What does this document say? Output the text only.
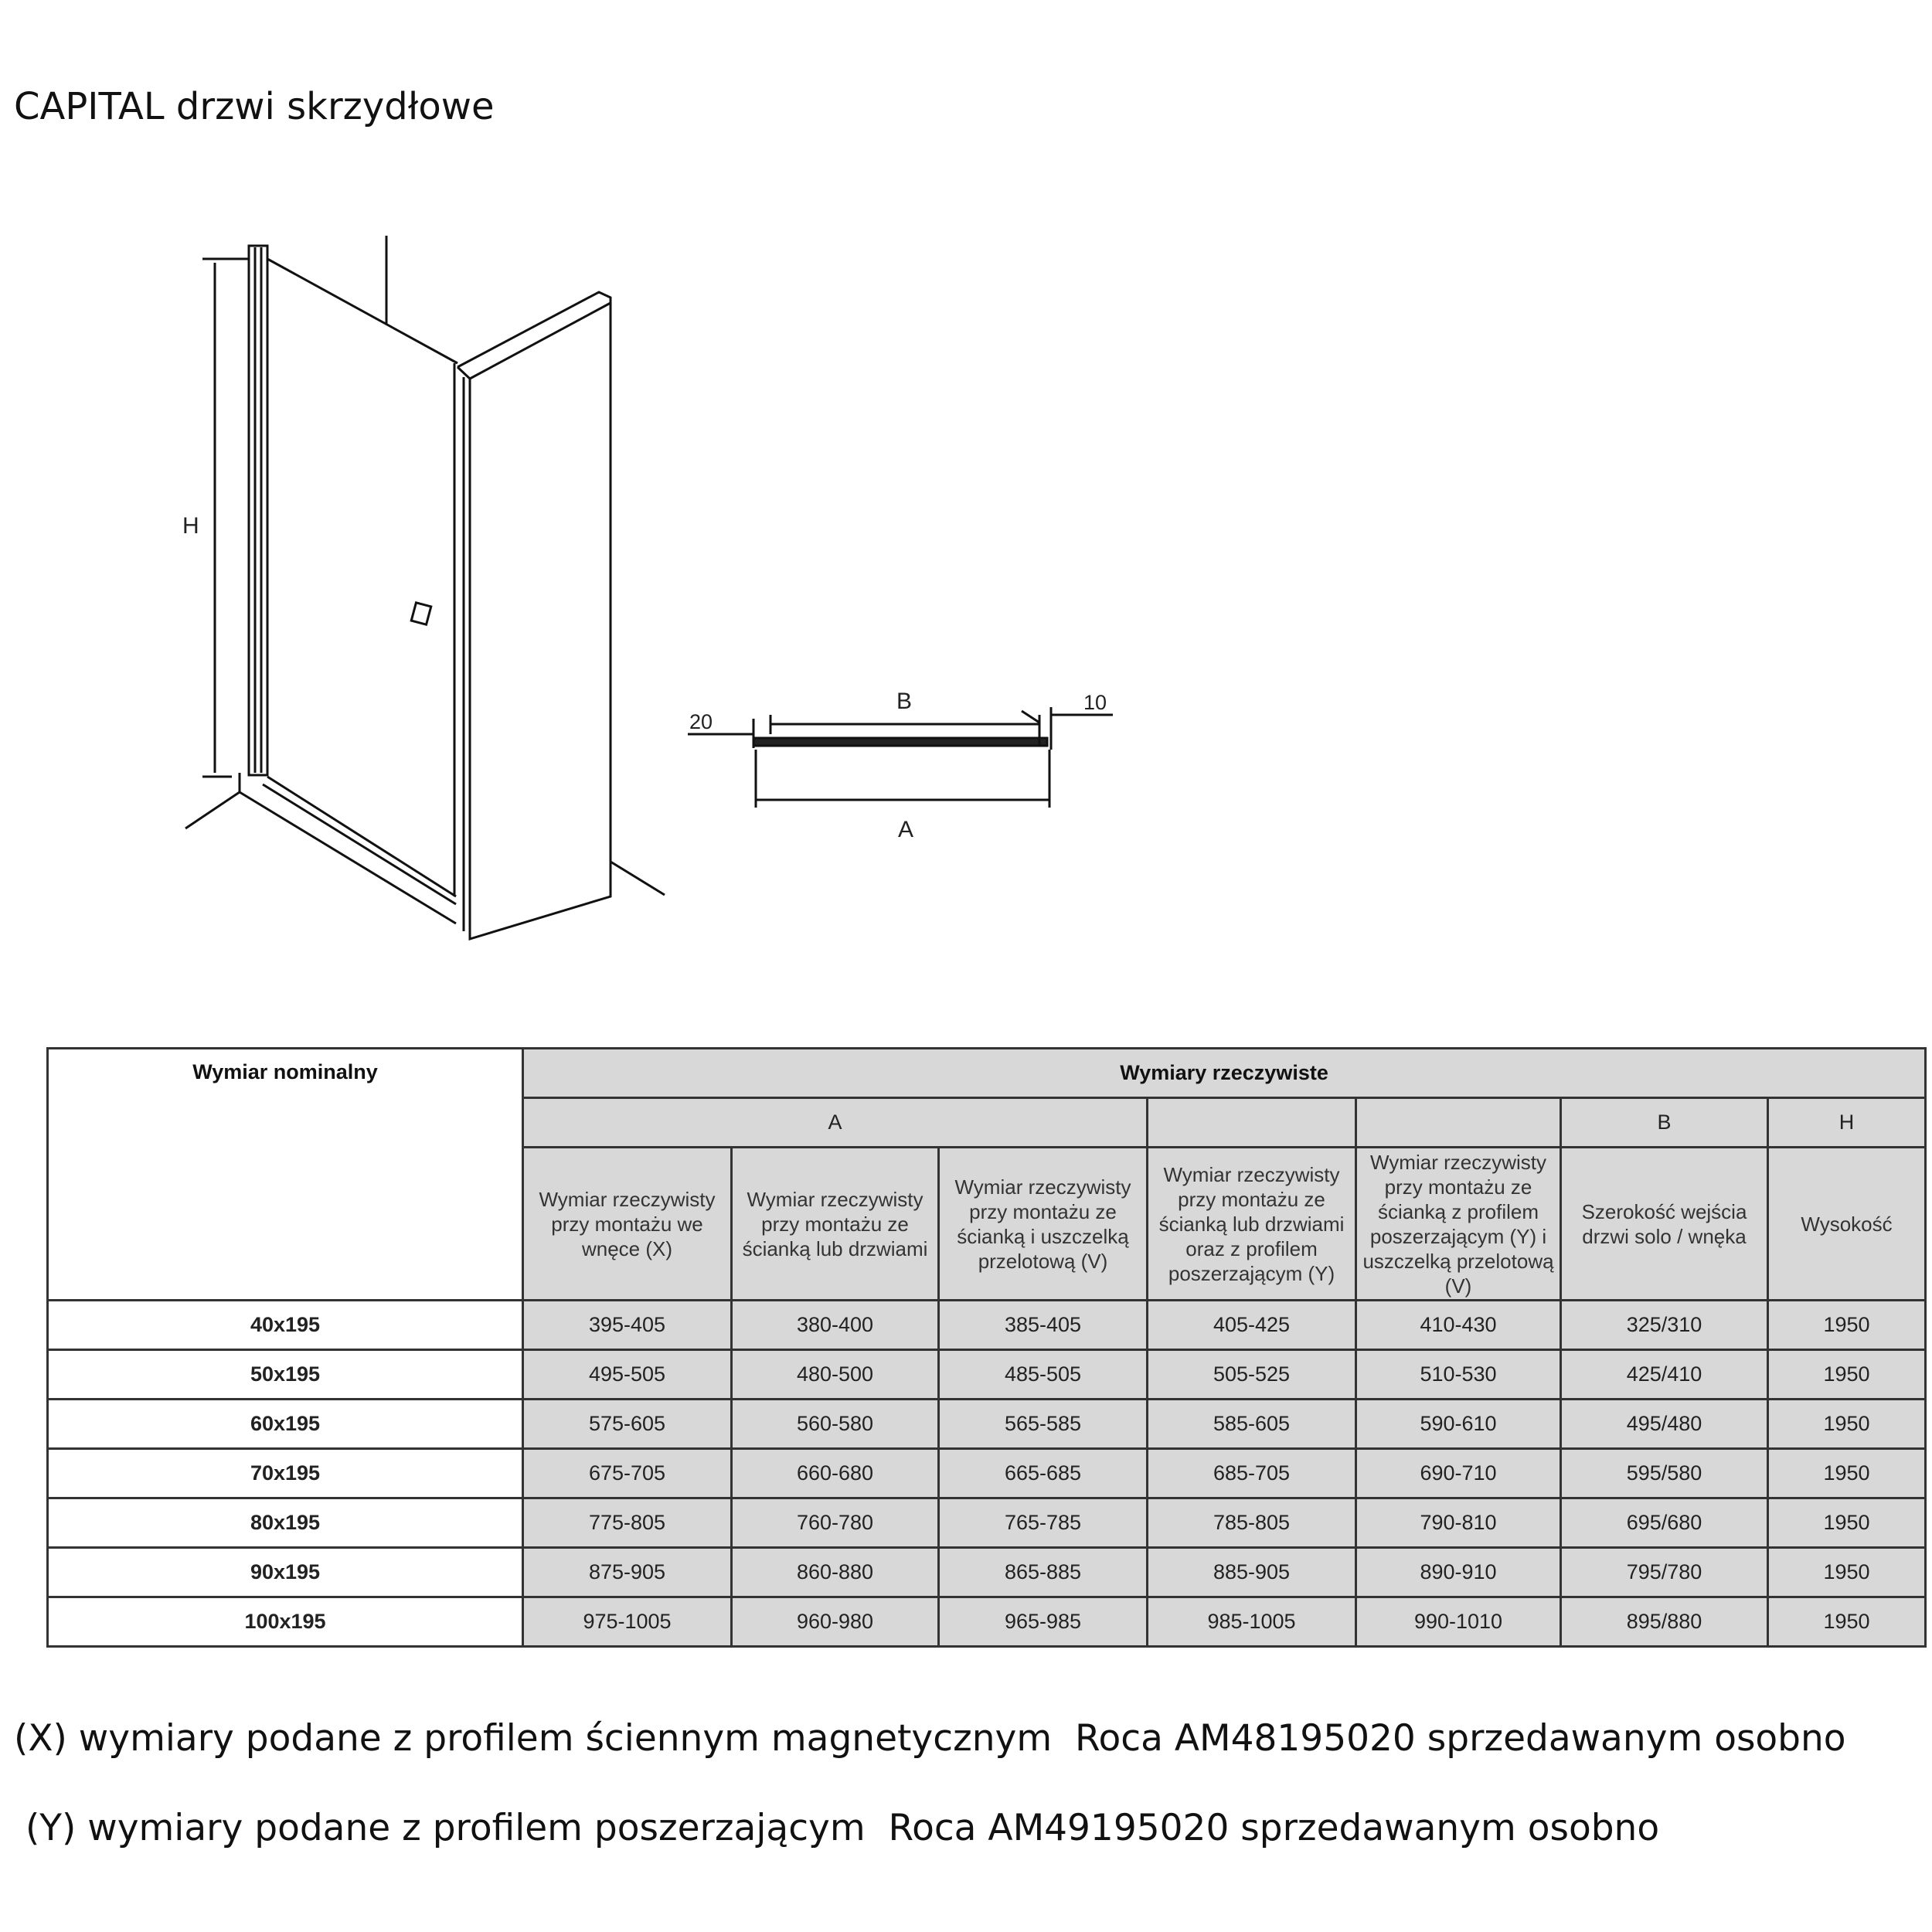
CAPITAL drzwi skrzydłowe
H
B
A
20
10
Wymiar nominalny	Wymiary rzeczywiste						
	A					B	H
	Wymiar rzeczywisty przy montażu we wnęce (X)	Wymiar rzeczywisty przy montażu ze ścianką lub drzwiami	Wymiar rzeczywisty przy montażu ze ścianką i uszczelką przelotową (V)	Wymiar rzeczywisty przy montażu ze ścianką lub drzwiami oraz z profilem poszerzającym (Y)	Wymiar rzeczywisty przy montażu ze ścianką z profilem poszerzającym (Y) i uszczelką przelotową (V)	Szerokość wejścia drzwi solo / wnęka	Wysokość
40x195	395-405	380-400	385-405	405-425	410-430	325/310	1950
50x195	495-505	480-500	485-505	505-525	510-530	425/410	1950
60x195	575-605	560-580	565-585	585-605	590-610	495/480	1950
70x195	675-705	660-680	665-685	685-705	690-710	595/580	1950
80x195	775-805	760-780	765-785	785-805	790-810	695/680	1950
90x195	875-905	860-880	865-885	885-905	890-910	795/780	1950
100x195	975-1005	960-980	965-985	985-1005	990-1010	895/880	1950
(X) wymiary podane z profilem ściennym magnetycznym  Roca AM48195020 sprzedawanym osobno
(Y) wymiary podane z profilem poszerzającym  Roca AM49195020 sprzedawanym osobno
